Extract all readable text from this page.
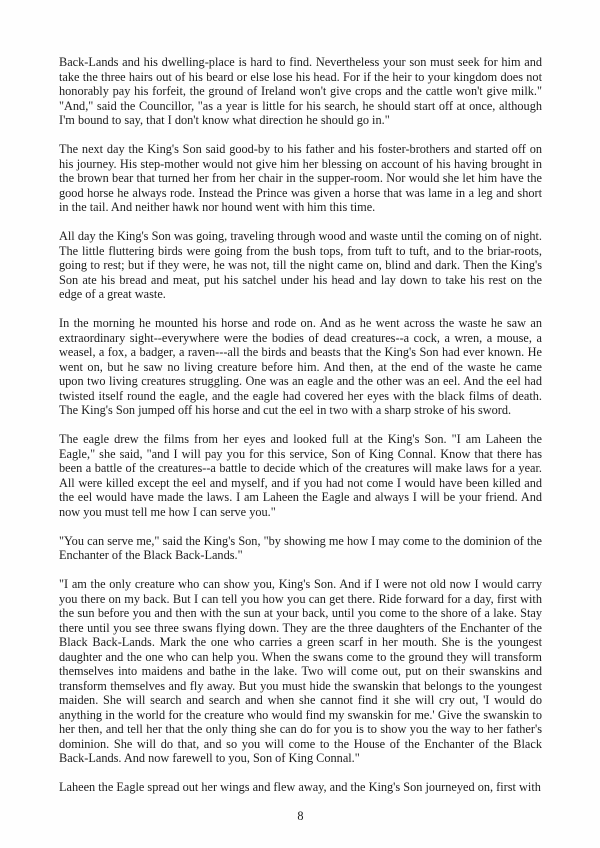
Back-Lands and his dwelling-place is hard to find. Nevertheless your son must seek for him and take the three hairs out of his beard or else lose his head. For if the heir to your kingdom does not honorably pay his forfeit, the ground of Ireland won't give crops and the cattle won't give milk." "And," said the Councillor, "as a year is little for his search, he should start off at once, although I'm bound to say, that I don't know what direction he should go in."

The next day the King's Son said good-by to his father and his foster-brothers and started off on his journey. His step-mother would not give him her blessing on account of his having brought in the brown bear that turned her from her chair in the supper-room. Nor would she let him have the good horse he always rode. Instead the Prince was given a horse that was lame in a leg and short in the tail. And neither hawk nor hound went with him this time.

All day the King's Son was going, traveling through wood and waste until the coming on of night. The little fluttering birds were going from the bush tops, from tuft to tuft, and to the briar-roots, going to rest; but if they were, he was not, till the night came on, blind and dark. Then the King's Son ate his bread and meat, put his satchel under his head and lay down to take his rest on the edge of a great waste.

In the morning he mounted his horse and rode on. And as he went across the waste he saw an extraordinary sight--everywhere were the bodies of dead creatures--a cock, a wren, a mouse, a weasel, a fox, a badger, a raven---all the birds and beasts that the King's Son had ever known. He went on, but he saw no living creature before him. And then, at the end of the waste he came upon two living creatures struggling. One was an eagle and the other was an eel. And the eel had twisted itself round the eagle, and the eagle had covered her eyes with the black films of death. The King's Son jumped off his horse and cut the eel in two with a sharp stroke of his sword.

The eagle drew the films from her eyes and looked full at the King's Son. "I am Laheen the Eagle," she said, "and I will pay you for this service, Son of King Connal. Know that there has been a battle of the creatures--a battle to decide which of the creatures will make laws for a year. All were killed except the eel and myself, and if you had not come I would have been killed and the eel would have made the laws. I am Laheen the Eagle and always I will be your friend. And now you must tell me how I can serve you."

"You can serve me," said the King's Son, "by showing me how I may come to the dominion of the Enchanter of the Black Back-Lands."

"I am the only creature who can show you, King's Son. And if I were not old now I would carry you there on my back. But I can tell you how you can get there. Ride forward for a day, first with the sun before you and then with the sun at your back, until you come to the shore of a lake. Stay there until you see three swans flying down. They are the three daughters of the Enchanter of the Black Back-Lands. Mark the one who carries a green scarf in her mouth. She is the youngest daughter and the one who can help you. When the swans come to the ground they will transform themselves into maidens and bathe in the lake. Two will come out, put on their swanskins and transform themselves and fly away. But you must hide the swanskin that belongs to the youngest maiden. She will search and search and when she cannot find it she will cry out, 'I would do anything in the world for the creature who would find my swanskin for me.' Give the swanskin to her then, and tell her that the only thing she can do for you is to show you the way to her father's dominion. She will do that, and so you will come to the House of the Enchanter of the Black Back-Lands. And now farewell to you, Son of King Connal."

Laheen the Eagle spread out her wings and flew away, and the King's Son journeyed on, first with

8
